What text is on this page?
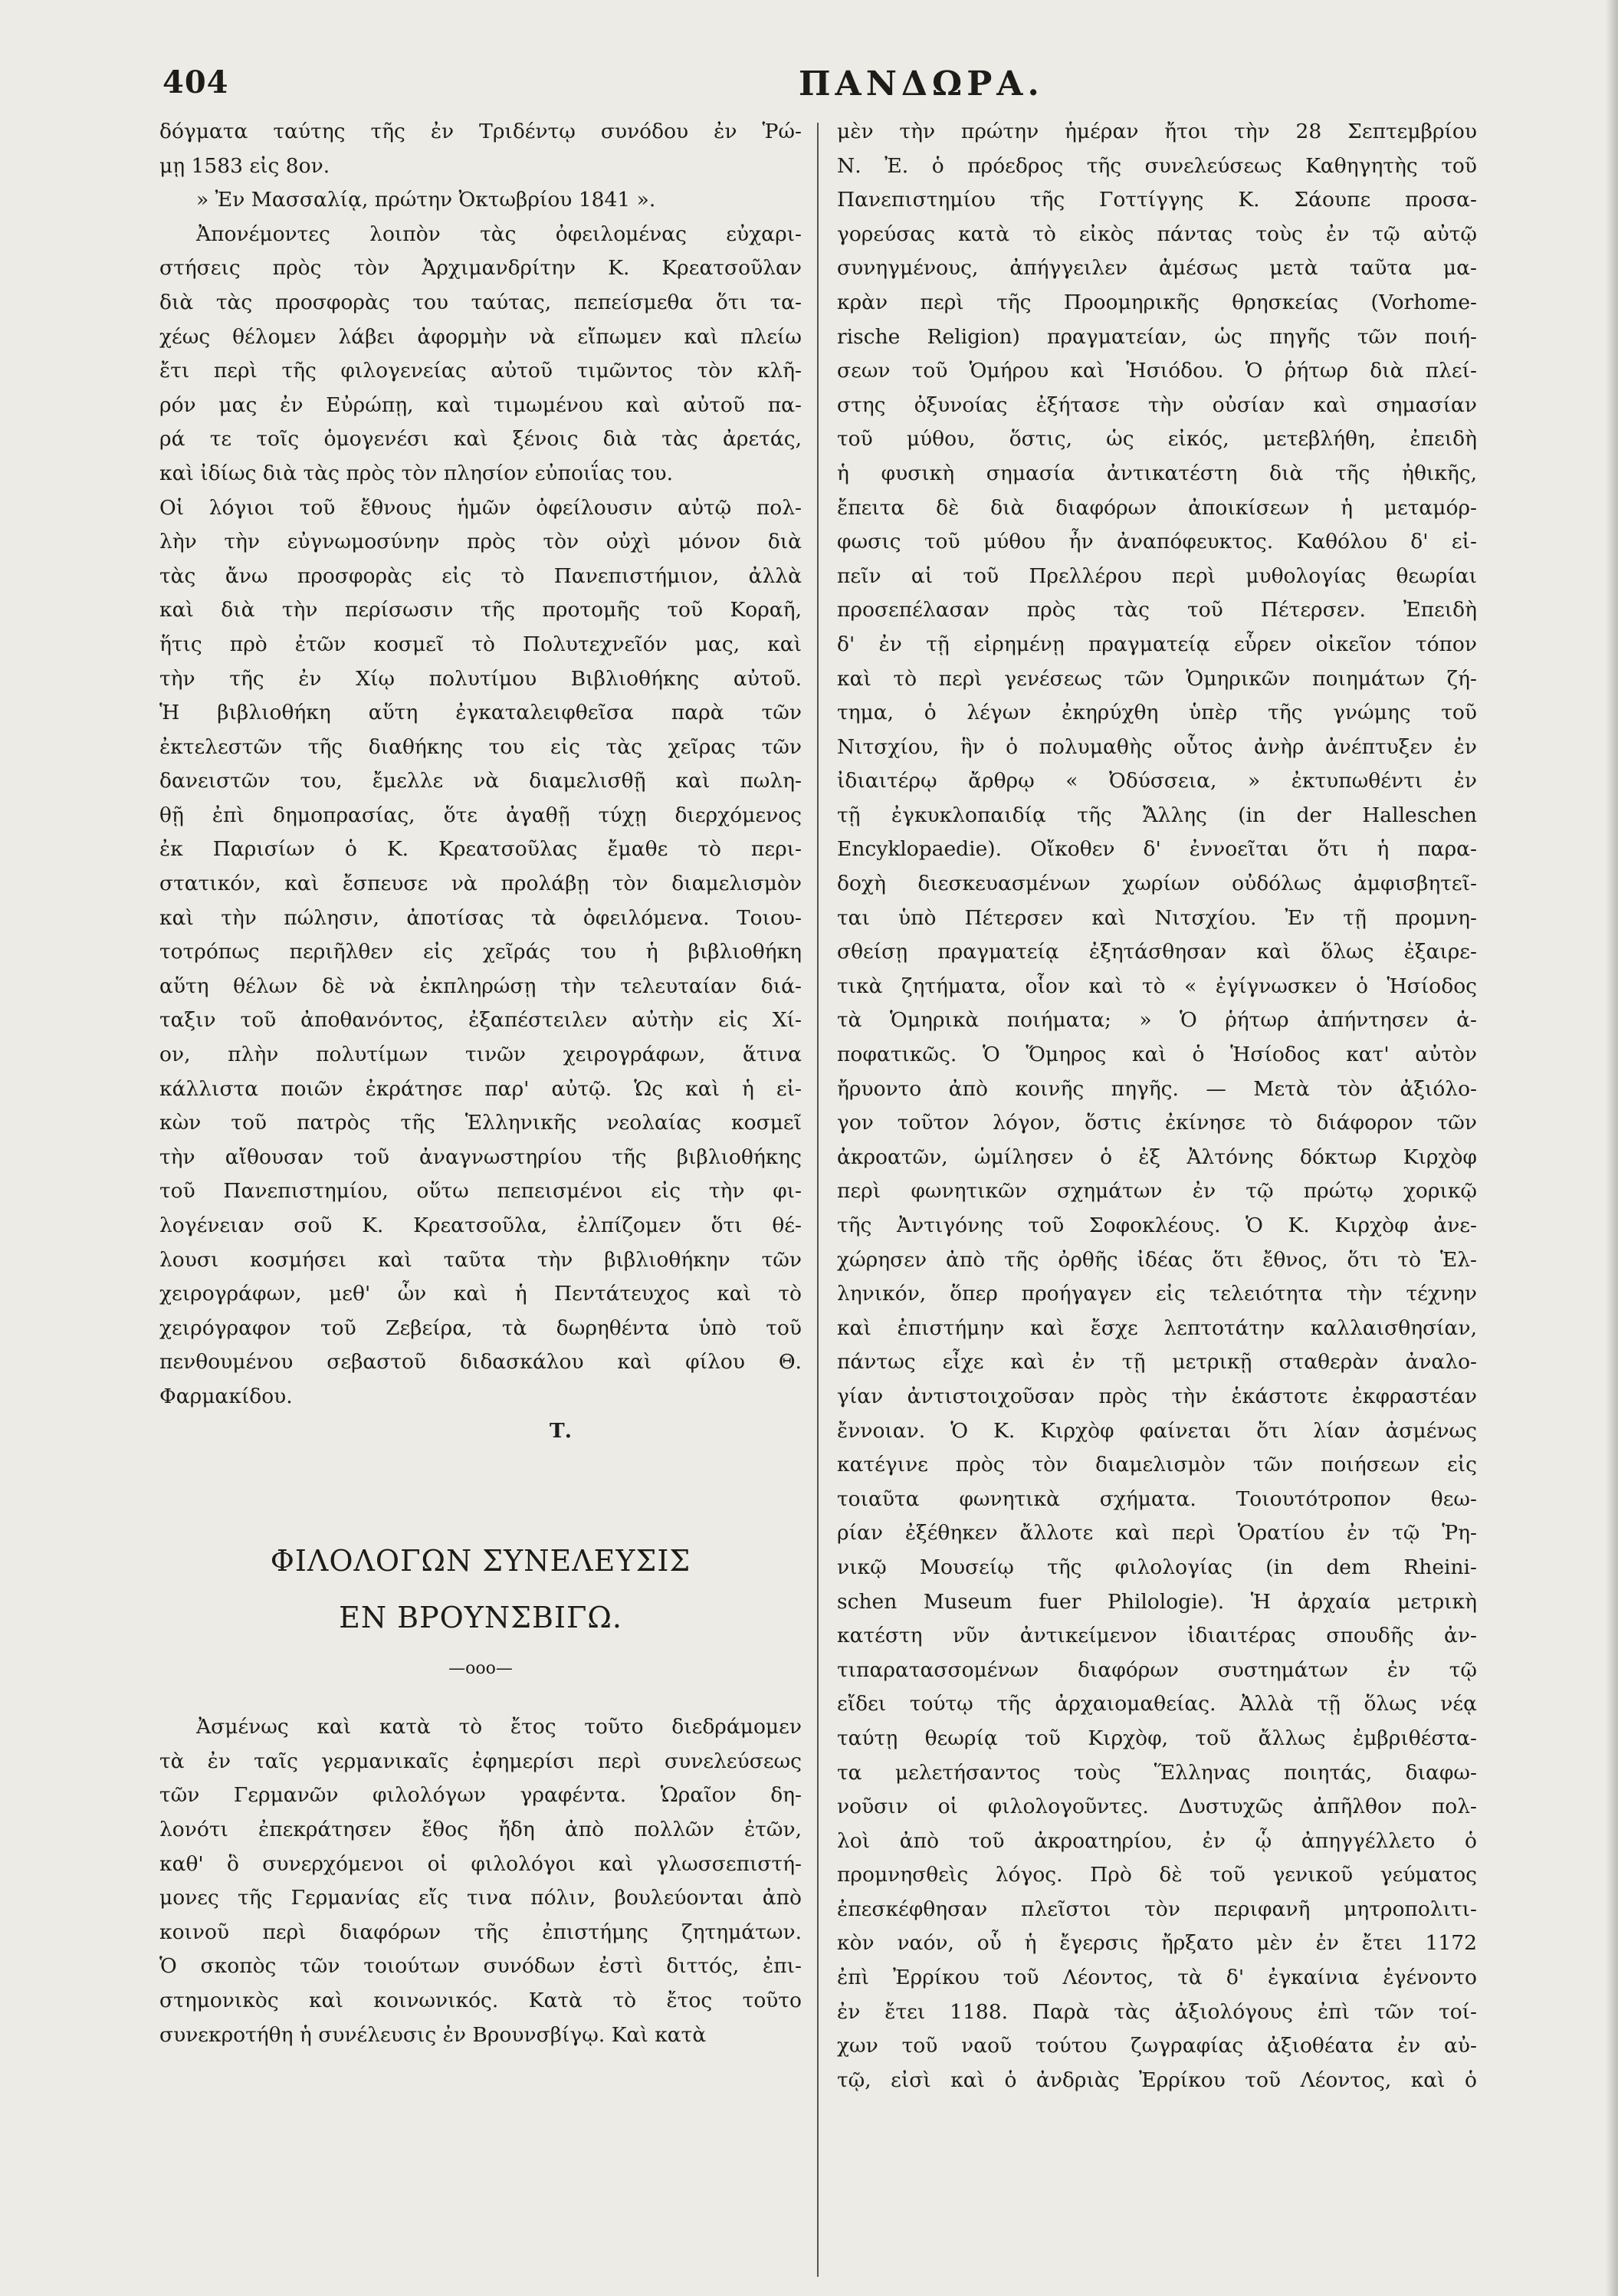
404	ΠΑΝΔΩΡΑ.
δόγματα ταύτης τῆς ἐν Τριδέντῳ συνόδου ἐν Ῥώ-
μῃ 1583 εἰς 8ον.
» Ἐν Μασσαλίᾳ, πρώτην Ὀκτωβρίου 1841 ».
Ἀπονέμοντες λοιπὸν τὰς ὀφειλομένας εὐχαρι-
στήσεις πρὸς τὸν Ἀρχιμανδρίτην Κ. Κρεατσοῦλαν
διὰ τὰς προσφορὰς του ταύτας, πεπείσμεθα ὅτι τα-
χέως θέλομεν λάβει ἀφορμὴν νὰ εἴπωμεν καὶ πλείω
ἔτι περὶ τῆς φιλογενείας αὐτοῦ τιμῶντος τὸν κλῆ-
ρόν μας ἐν Εὐρώπῃ, καὶ τιμωμένου καὶ αὐτοῦ πα-
ρά τε τοῖς ὁμογενέσι καὶ ξένοις διὰ τὰς ἀρετάς,
καὶ ἰδίως διὰ τὰς πρὸς τὸν πλησίον εὐποιΐας του.
Οἱ λόγιοι τοῦ ἔθνους ἡμῶν ὀφείλουσιν αὐτῷ πολ-
λὴν τὴν εὐγνωμοσύνην πρὸς τὸν οὐχὶ μόνον διὰ
τὰς ἄνω προσφορὰς εἰς τὸ Πανεπιστήμιον, ἀλλὰ
καὶ διὰ τὴν περίσωσιν τῆς προτομῆς τοῦ Κοραῆ,
ἥτις πρὸ ἐτῶν κοσμεῖ τὸ Πολυτεχνεῖόν μας, καὶ
τὴν τῆς ἐν Χίῳ πολυτίμου Βιβλιοθήκης αὐτοῦ.
Ἡ βιβλιοθήκη αὕτη ἐγκαταλειφθεῖσα παρὰ τῶν
ἐκτελεστῶν τῆς διαθήκης του εἰς τὰς χεῖρας τῶν
δανειστῶν του, ἔμελλε νὰ διαμελισθῇ καὶ πωλη-
θῇ ἐπὶ δημοπρασίας, ὅτε ἀγαθῇ τύχῃ διερχόμενος
ἐκ Παρισίων ὁ Κ. Κρεατσοῦλας ἔμαθε τὸ περι-
στατικόν, καὶ ἔσπευσε νὰ προλάβῃ τὸν διαμελισμὸν
καὶ τὴν πώλησιν, ἀποτίσας τὰ ὀφειλόμενα. Τοιου-
τοτρόπως περιῆλθεν εἰς χεῖράς του ἡ βιβλιοθήκη
αὕτη θέλων δὲ νὰ ἐκπληρώσῃ τὴν τελευταίαν διά-
ταξιν τοῦ ἀποθανόντος, ἐξαπέστειλεν αὐτὴν εἰς Χί-
ον, πλὴν πολυτίμων τινῶν χειρογράφων, ἅτινα
κάλλιστα ποιῶν ἐκράτησε παρ' αὐτῷ. Ὡς καὶ ἡ εἰ-
κὼν τοῦ πατρὸς τῆς Ἑλληνικῆς νεολαίας κοσμεῖ
τὴν αἴθουσαν τοῦ ἀναγνωστηρίου τῆς βιβλιοθήκης
τοῦ Πανεπιστημίου, οὕτω πεπεισμένοι εἰς τὴν φι-
λογένειαν σοῦ Κ. Κρεατσοῦλα, ἐλπίζομεν ὅτι θέ-
λουσι κοσμήσει καὶ ταῦτα τὴν βιβλιοθήκην τῶν
χειρογράφων, μεθ' ὧν καὶ ἡ Πεντάτευχος καὶ τὸ
χειρόγραφον τοῦ Ζεβείρα, τὰ δωρηθέντα ὑπὸ τοῦ
πενθουμένου σεβαστοῦ διδασκάλου καὶ φίλου Θ.
Φαρμακίδου.
Τ.
ΦΙΛΟΛΟΓΩΝ ΣΥΝΕΛΕΥΣΙΣ
ΕΝ ΒΡΟΥΝΣΒΙΓΩ.
—ooo—
Ἀσμένως καὶ κατὰ τὸ ἔτος τοῦτο διεδράμομεν
τὰ ἐν ταῖς γερμανικαῖς ἐφημερίσι περὶ συνελεύσεως
τῶν Γερμανῶν φιλολόγων γραφέντα. Ὡραῖον δη-
λονότι ἐπεκράτησεν ἔθος ἤδη ἀπὸ πολλῶν ἐτῶν,
καθ' ὃ συνερχόμενοι οἱ φιλολόγοι καὶ γλωσσεπιστή-
μονες τῆς Γερμανίας εἴς τινα πόλιν, βουλεύονται ἀπὸ
κοινοῦ περὶ διαφόρων τῆς ἐπιστήμης ζητημάτων.
Ὁ σκοπὸς τῶν τοιούτων συνόδων ἐστὶ διττός, ἐπι-
στημονικὸς καὶ κοινωνικός. Κατὰ τὸ ἔτος τοῦτο
συνεκροτήθη ἡ συνέλευσις ἐν Βρουνσβίγῳ. Καὶ κατὰ
μὲν τὴν πρώτην ἡμέραν ἤτοι τὴν 28 Σεπτεμβρίου
Ν. Ἐ. ὁ πρόεδρος τῆς συνελεύσεως Καθηγητὴς τοῦ
Πανεπιστημίου τῆς Γοττίγγης Κ. Σάουπε προσα-
γορεύσας κατὰ τὸ εἰκὸς πάντας τοὺς ἐν τῷ αὐτῷ
συνηγμένους, ἀπήγγειλεν ἀμέσως μετὰ ταῦτα μα-
κρὰν περὶ τῆς Προομηρικῆς θρησκείας (Vorhome-
rische Religion) πραγματείαν, ὡς πηγῆς τῶν ποιή-
σεων τοῦ Ὁμήρου καὶ Ἡσιόδου. Ὁ ῥήτωρ διὰ πλεί-
στης ὀξυνοίας ἐξήτασε τὴν οὐσίαν καὶ σημασίαν
τοῦ μύθου, ὅστις, ὡς εἰκός, μετεβλήθη, ἐπειδὴ
ἡ φυσικὴ σημασία ἀντικατέστη διὰ τῆς ἠθικῆς,
ἔπειτα δὲ διὰ διαφόρων ἀποικίσεων ἡ μεταμόρ-
φωσις τοῦ μύθου ἦν ἀναπόφευκτος. Καθόλου δ' εἰ-
πεῖν αἱ τοῦ Πρελλέρου περὶ μυθολογίας θεωρίαι
προσεπέλασαν πρὸς τὰς τοῦ Πέτερσεν. Ἐπειδὴ
δ' ἐν τῇ εἰρημένῃ πραγματείᾳ εὗρεν οἰκεῖον τόπον
καὶ τὸ περὶ γενέσεως τῶν Ὁμηρικῶν ποιημάτων ζή-
τημα, ὁ λέγων ἐκηρύχθη ὑπὲρ τῆς γνώμης τοῦ
Νιτσχίου, ἣν ὁ πολυμαθὴς οὗτος ἀνὴρ ἀνέπτυξεν ἐν
ἰδιαιτέρῳ ἄρθρῳ « Ὀδύσσεια, » ἐκτυπωθέντι ἐν
τῇ ἐγκυκλοπαιδίᾳ τῆς Ἄλλης (in der Halleschen
Encyklopaedie). Οἴκοθεν δ' ἐννοεῖται ὅτι ἡ παρα-
δοχὴ διεσκευασμένων χωρίων οὐδόλως ἀμφισβητεῖ-
ται ὑπὸ Πέτερσεν καὶ Νιτσχίου. Ἐν τῇ προμνη-
σθείσῃ πραγματείᾳ ἐξητάσθησαν καὶ ὅλως ἐξαιρε-
τικὰ ζητήματα, οἷον καὶ τὸ « ἐγίγνωσκεν ὁ Ἡσίοδος
τὰ Ὁμηρικὰ ποιήματα; » Ὁ ῥήτωρ ἀπήντησεν ἀ-
ποφατικῶς. Ὁ Ὅμηρος καὶ ὁ Ἡσίοδος κατ' αὐτὸν
ἤρυοντο ἀπὸ κοινῆς πηγῆς. — Μετὰ τὸν ἀξιόλο-
γον τοῦτον λόγον, ὅστις ἐκίνησε τὸ διάφορον τῶν
ἀκροατῶν, ὡμίλησεν ὁ ἐξ Ἀλτόνης δόκτωρ Κιρχὸφ
περὶ φωνητικῶν σχημάτων ἐν τῷ πρώτῳ χορικῷ
τῆς Ἀντιγόνης τοῦ Σοφοκλέους. Ὁ Κ. Κιρχὸφ ἀνε-
χώρησεν ἀπὸ τῆς ὀρθῆς ἰδέας ὅτι ἔθνος, ὅτι τὸ Ἑλ-
ληνικόν, ὅπερ προήγαγεν εἰς τελειότητα τὴν τέχνην
καὶ ἐπιστήμην καὶ ἔσχε λεπτοτάτην καλλαισθησίαν,
πάντως εἶχε καὶ ἐν τῇ μετρικῇ σταθερὰν ἀναλο-
γίαν ἀντιστοιχοῦσαν πρὸς τὴν ἑκάστοτε ἐκφραστέαν
ἔννοιαν. Ὁ Κ. Κιρχὸφ φαίνεται ὅτι λίαν ἀσμένως
κατέγινε πρὸς τὸν διαμελισμὸν τῶν ποιήσεων εἰς
τοιαῦτα φωνητικὰ σχήματα. Τοιουτότροπον θεω-
ρίαν ἐξέθηκεν ἄλλοτε καὶ περὶ Ὁρατίου ἐν τῷ Ῥη-
νικῷ Μουσείῳ τῆς φιλολογίας (in dem Rheini-
schen Museum fuer Philologie). Ἡ ἀρχαία μετρικὴ
κατέστη νῦν ἀντικείμενον ἰδιαιτέρας σπουδῆς ἀν-
τιπαρατασσομένων διαφόρων συστημάτων ἐν τῷ
εἴδει τούτῳ τῆς ἀρχαιομαθείας. Ἀλλὰ τῇ ὅλως νέᾳ
ταύτῃ θεωρίᾳ τοῦ Κιρχὸφ, τοῦ ἄλλως ἐμβριθέστα-
τα μελετήσαντος τοὺς Ἕλληνας ποιητάς, διαφω-
νοῦσιν οἱ φιλολογοῦντες. Δυστυχῶς ἀπῆλθον πολ-
λοὶ ἀπὸ τοῦ ἀκροατηρίου, ἐν ᾧ ἀπηγγέλλετο ὁ
προμνησθεὶς λόγος. Πρὸ δὲ τοῦ γενικοῦ γεύματος
ἐπεσκέφθησαν πλεῖστοι τὸν περιφανῆ μητροπολιτι-
κὸν ναόν, οὗ ἡ ἔγερσις ἤρξατο μὲν ἐν ἔτει 1172
ἐπὶ Ἐρρίκου τοῦ Λέοντος, τὰ δ' ἐγκαίνια ἐγένοντο
ἐν ἔτει 1188. Παρὰ τὰς ἀξιολόγους ἐπὶ τῶν τοί-
χων τοῦ ναοῦ τούτου ζωγραφίας ἀξιοθέατα ἐν αὐ-
τῷ, εἰσὶ καὶ ὁ ἀνδριὰς Ἐρρίκου τοῦ Λέοντος, καὶ ὁ
